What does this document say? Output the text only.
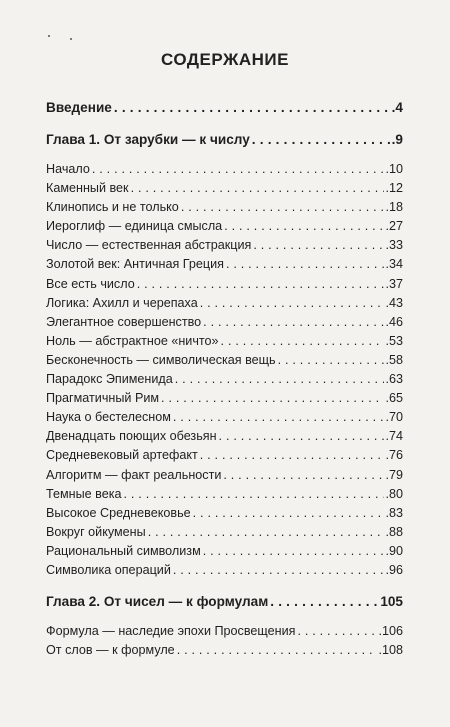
СОДЕРЖАНИЕ
Введение . . .	.4
Глава 1. От зарубки — к числу . . .	.9
Начало . . .	.10
Каменный век . . .	.12
Клинопись и не только . . .	.18
Иероглиф — единица смысла . . .	.27
Число — естественная абстракция . . .	.33
Золотой век: Античная Греция . . .	.34
Все есть число . . .	.37
Логика: Ахилл и черепаха . . .	.43
Элегантное совершенство . . .	.46
Ноль — абстрактное «ничто» . . .	.53
Бесконечность — символическая вещь . . .	.58
Парадокс Эпименида . . .	.63
Прагматичный Рим . . .	.65
Наука о бестелесном . . .	.70
Двенадцать поющих обезьян . . .	.74
Средневековый артефакт . . .	.76
Алгоритм — факт реальности . . .	.79
Темные века . . .	.80
Высокое Средневековье . . .	.83
Вокруг ойкумены . . .	.88
Рациональный символизм . . .	.90
Символика операций . . .	.96
Глава 2. От чисел — к формулам . . .	105
Формула — наследие эпохи Просвещения . . .	.106
От слов — к формуле . . .	.108
